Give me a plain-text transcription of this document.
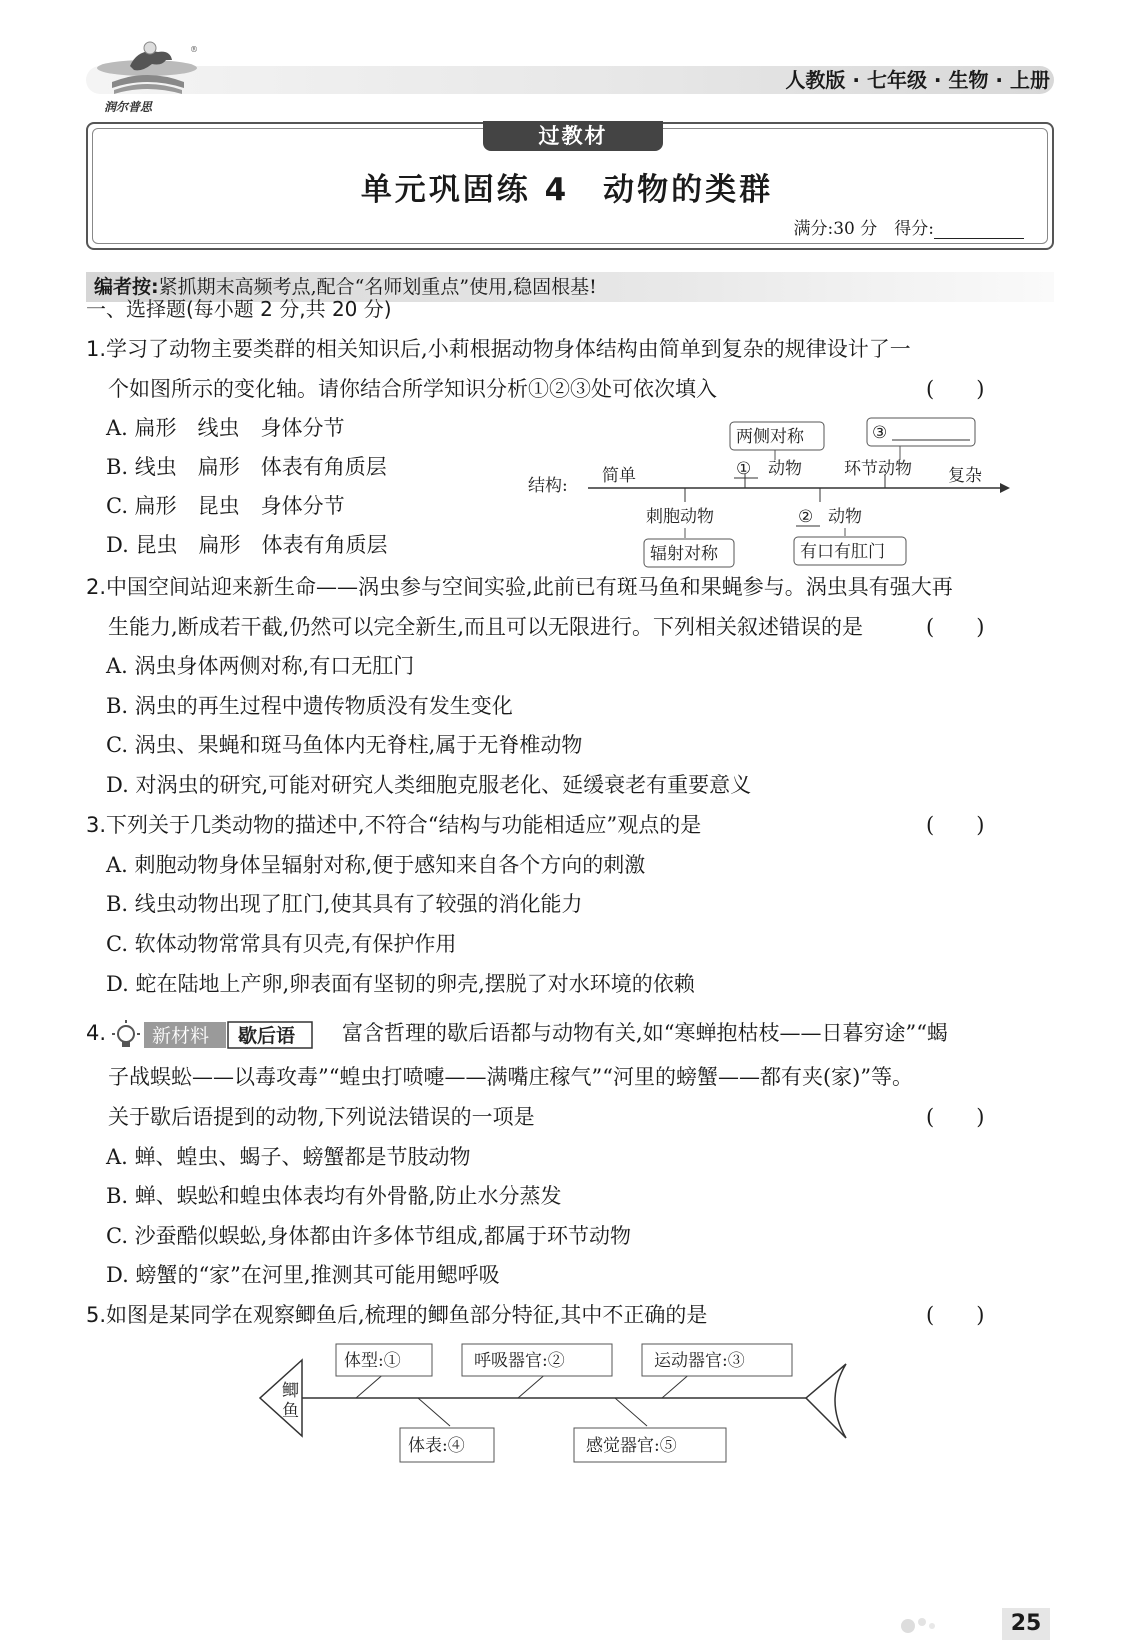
®
润尔普思
人教版 · 七年级 · 生物 · 上册
过教材
单元巩固练 4　动物的类群
满分:30 分　得分:
编者按:紧抓期末高频考点,配合“名师划重点”使用,稳固根基!
一、选择题(每小题 2 分,共 20 分)
1.学习了动物主要类群的相关知识后,小莉根据动物身体结构由简单到复杂的规律设计了一
个如图所示的变化轴。请你结合所学知识分析①②③处可依次填入	(　　)
A. 扁形　线虫　身体分节
B. 线虫　扁形　体表有角质层
C. 扁形　昆虫　身体分节
D. 昆虫　扁形　体表有角质层
结构: 简单	复杂
两侧对称
① 动物
③
环节动物
刺胞动物
辐射对称
② 动物
有口有肛门
2.中国空间站迎来新生命——涡虫参与空间实验,此前已有斑马鱼和果蝇参与。涡虫具有强大再
生能力,断成若干截,仍然可以完全新生,而且可以无限进行。下列相关叙述错误的是	(　　)
A. 涡虫身体两侧对称,有口无肛门
B. 涡虫的再生过程中遗传物质没有发生变化
C. 涡虫、果蝇和斑马鱼体内无脊柱,属于无脊椎动物
D. 对涡虫的研究,可能对研究人类细胞克服老化、延缓衰老有重要意义
3.下列关于几类动物的描述中,不符合“结构与功能相适应”观点的是	(　　)
A. 刺胞动物身体呈辐射对称,便于感知来自各个方向的刺激
B. 线虫动物出现了肛门,使其具有了较强的消化能力
C. 软体动物常常具有贝壳,有保护作用
D. 蛇在陆地上产卵,卵表面有坚韧的卵壳,摆脱了对水环境的依赖
4. 新材料 歇后语 富含哲理的歇后语都与动物有关,如“寒蝉抱枯枝——日暮穷途”“蝎
子战蜈蚣——以毒攻毒”“蝗虫打喷嚏——满嘴庄稼气”“河里的螃蟹——都有夹(家)”等。
关于歇后语提到的动物,下列说法错误的一项是	(　　)
A. 蝉、蝗虫、蝎子、螃蟹都是节肢动物
B. 蝉、蜈蚣和蝗虫体表均有外骨骼,防止水分蒸发
C. 沙蚕酷似蜈蚣,身体都由许多体节组成,都属于环节动物
D. 螃蟹的“家”在河里,推测其可能用鳃呼吸
5.如图是某同学在观察鲫鱼后,梳理的鲫鱼部分特征,其中不正确的是	(　　)
鲫
鱼
体型:①	呼吸器官:②	运动器官:③
体表:④	感觉器官:⑤
25
